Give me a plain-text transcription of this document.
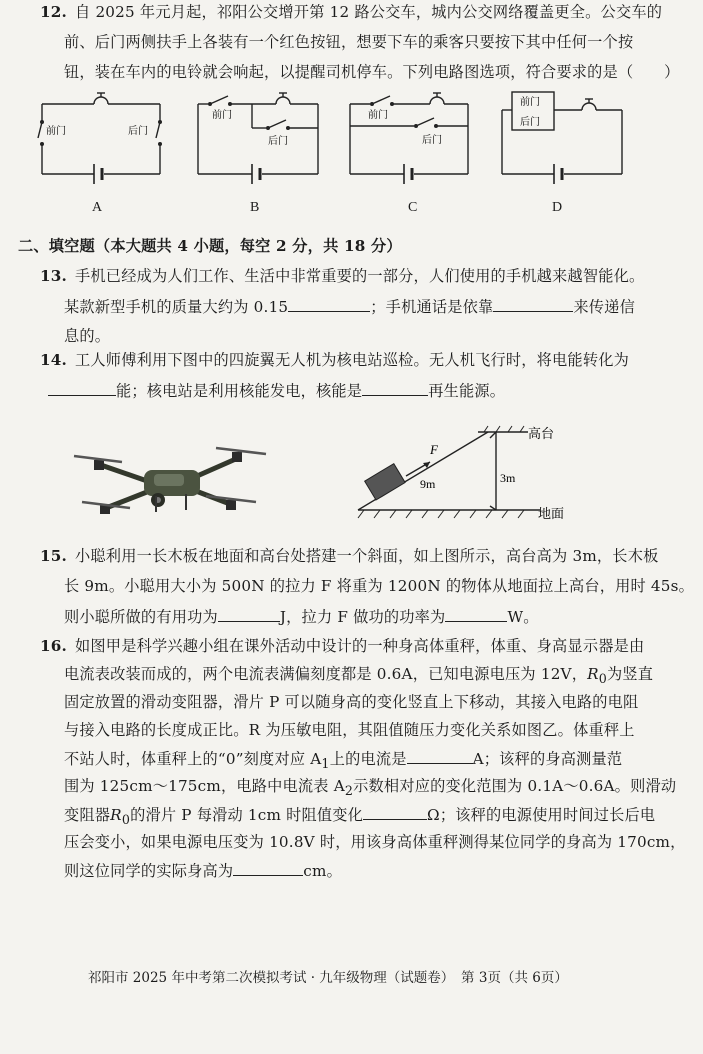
12. 自 2025 年元月起，祁阳公交增开第 12 路公交车，城内公交网络覆盖更全。公交车的
前、后门两侧扶手上各装有一个红色按钮，想要下车的乘客只要按下其中任何一个按
钮，装在车内的电铃就会响起，以提醒司机停车。下列电路图选项，符合要求的是（　　）
前门	后门
A
前门
后门
B
前门
后门
C
前门
后门
D
二、填空题（本大题共 4 小题，每空 2 分，共 18 分）
13. 手机已经成为人们工作、生活中非常重要的一部分，人们使用的手机越来越智能化。
某款新型手机的质量大约为 0.15	；手机通话是依靠	来传递信
息的。
14. 工人师傅利用下图中的四旋翼无人机为核电站巡检。无人机飞行时，将电能转化为
能；核电站是利用核能发电，核能是	再生能源。
F
9m	3m
高台
地面
15. 小聪利用一长木板在地面和高台处搭建一个斜面，如上图所示，高台高为 3m，长木板
长 9m。小聪用大小为 500N 的拉力 F 将重为 1200N 的物体从地面拉上高台，用时 45s。
则小聪所做的有用功为	J，拉力 F 做功的功率为	W。
16. 如图甲是科学兴趣小组在课外活动中设计的一种身高体重秤，体重、身高显示器是由
电流表改装而成的，两个电流表满偏刻度都是 0.6A，已知电源电压为 12V，$R_0$为竖直
固定放置的滑动变阻器，滑片 P 可以随身高的变化竖直上下移动，其接入电路的电阻
与接入电路的长度成正比。R 为压敏电阻，其阻值随压力变化关系如图乙。体重秤上
不站人时，体重秤上的“0”刻度对应 $A_1$上的电流是	A；该秤的身高测量范
围为 125cm～175cm，电路中电流表 $A_2$示数相对应的变化范围为 0.1A～0.6A。则滑动
变阻器$R_0$的滑片 P 每滑动 1cm 时阻值变化	Ω；该秤的电源使用时间过长后电
压会变小，如果电源电压变为 10.8V 时，用该身高体重秤测得某位同学的身高为 170cm，
则这位同学的实际身高为	cm。
祁阳市 2025 年中考第二次模拟考试 · 九年级物理（试题卷）　第 3页（共 6页）
